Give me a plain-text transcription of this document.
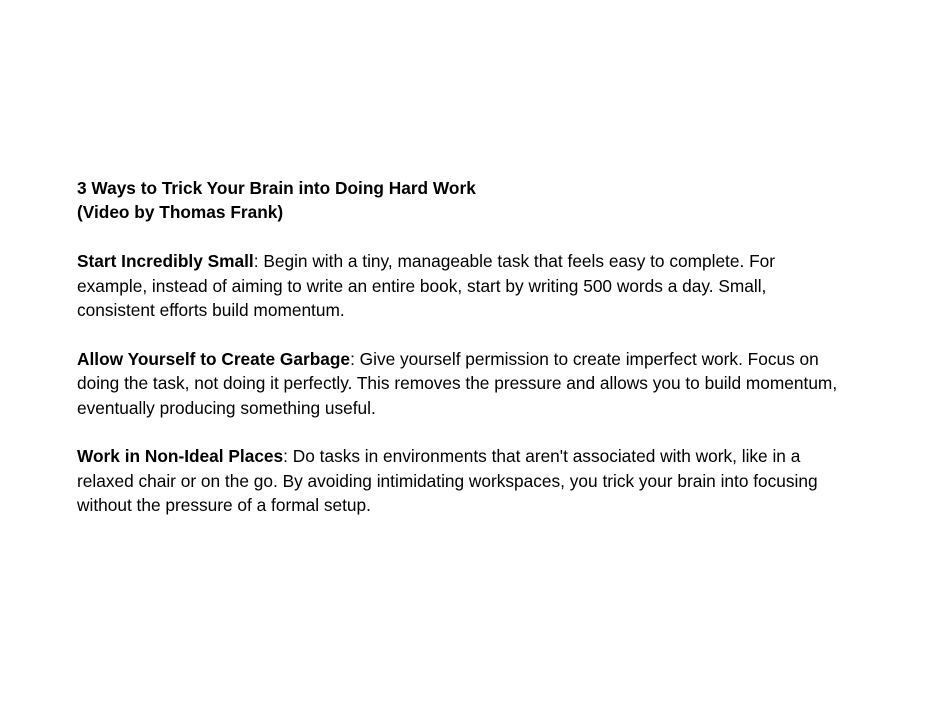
3 Ways to Trick Your Brain into Doing Hard Work
(Video by Thomas Frank)

Start Incredibly Small: Begin with a tiny, manageable task that feels easy to complete. For example, instead of aiming to write an entire book, start by writing 500 words a day. Small, consistent efforts build momentum.

Allow Yourself to Create Garbage: Give yourself permission to create imperfect work. Focus on doing the task, not doing it perfectly. This removes the pressure and allows you to build momentum, eventually producing something useful.

Work in Non-Ideal Places: Do tasks in environments that aren't associated with work, like in a relaxed chair or on the go. By avoiding intimidating workspaces, you trick your brain into focusing without the pressure of a formal setup.
